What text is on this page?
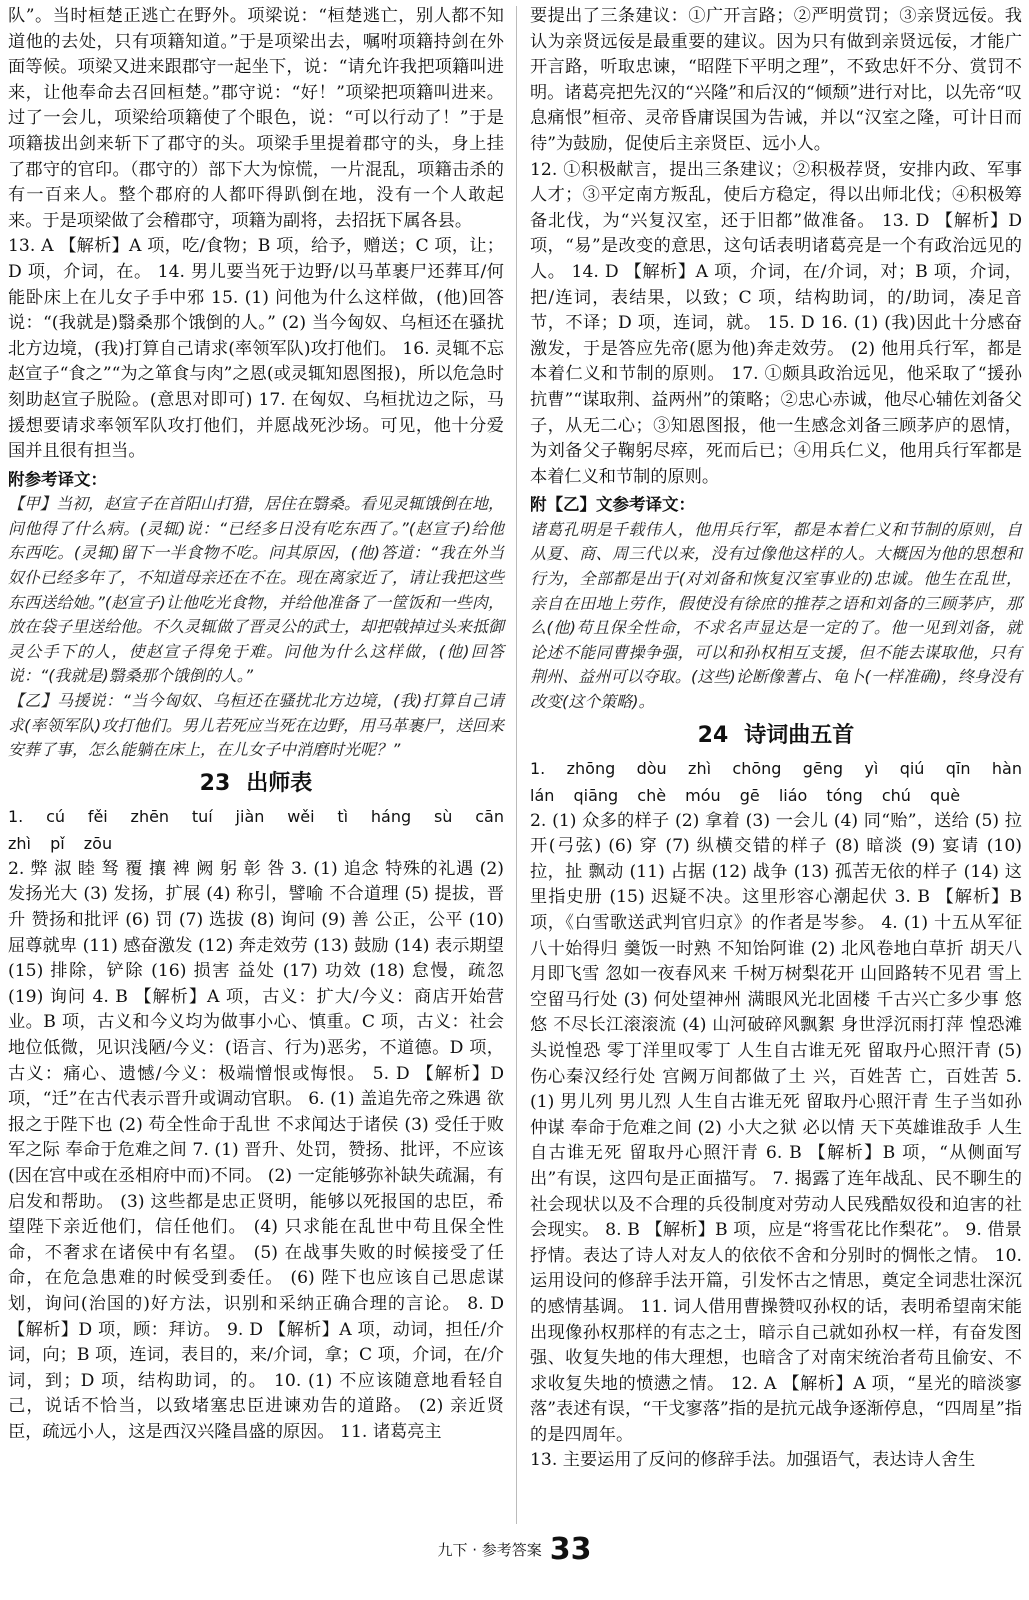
队”。当时桓楚正逃亡在野外。项梁说：“桓楚逃亡，别人都不知道他的去处，只有项籍知道。”于是项梁出去，嘱咐项籍持剑在外面等候。项梁又进来跟郡守一起坐下，说：“请允许我把项籍叫进来，让他奉命去召回桓楚。”郡守说：“好！”项梁把项籍叫进来。过了一会儿，项梁给项籍使了个眼色，说：“可以行动了！”于是项籍拔出剑来斩下了郡守的头。项梁手里提着郡守的头，身上挂了郡守的官印。（郡守的）部下大为惊慌，一片混乱，项籍击杀的有一百来人。整个郡府的人都吓得趴倒在地，没有一个人敢起来。于是项梁做了会稽郡守，项籍为副将，去招抚下属各县。

13. A 【解析】A 项，吃/食物；B 项，给予，赠送；C 项，让；D 项，介词，在。 14. 男儿要当死于边野/以马革裹尸还葬耳/何能卧床上在儿女子手中邪 15. (1) 问他为什么这样做，(他)回答说：“(我就是)翳桑那个饿倒的人。” (2) 当今匈奴、乌桓还在骚扰北方边境，(我)打算自己请求(率领军队)攻打他们。 16. 灵辄不忘赵宣子“食之”“为之箪食与肉”之恩(或灵辄知恩图报)，所以危急时刻助赵宣子脱险。(意思对即可) 17. 在匈奴、乌桓扰边之际，马援想要请求率领军队攻打他们，并愿战死沙场。可见，他十分爱国并且很有担当。

附参考译文：

【甲】当初，赵宣子在首阳山打猎，居住在翳桑。看见灵辄饿倒在地，问他得了什么病。(灵辄)说：“已经多日没有吃东西了。”(赵宣子)给他东西吃。(灵辄)留下一半食物不吃。问其原因，(他)答道：“我在外当奴仆已经多年了，不知道母亲还在不在。现在离家近了，请让我把这些东西送给她。”(赵宣子)让他吃光食物，并给他准备了一筐饭和一些肉，放在袋子里送给他。不久灵辄做了晋灵公的武士，却把戟掉过头来抵御灵公手下的人，使赵宣子得免于难。问他为什么这样做，(他)回答说：“(我就是)翳桑那个饿倒的人。”

【乙】马援说：“当今匈奴、乌桓还在骚扰北方边境，(我)打算自己请求(率领军队)攻打他们。男儿若死应当死在边野，用马革裹尸，送回来安葬了事，怎么能躺在床上，在儿女子中消磨时光呢？”

23 出师表

1. cú fěi zhēn tuí jiàn wěi tì háng sù cān zhì pǐ zōu

2. 弊 淑 睦 驽 覆 攘 裨 阙 躬 彰 咎 3. (1) 追念 特殊的礼遇 (2) 发扬光大 (3) 发扬，扩展 (4) 称引，譬喻 不合道理 (5) 提拔，晋升 赞扬和批评 (6) 罚 (7) 选拔 (8) 询问 (9) 善 公正，公平 (10) 屈尊就卑 (11) 感奋激发 (12) 奔走效劳 (13) 鼓励 (14) 表示期望 (15) 排除，铲除 (16) 损害 益处 (17) 功效 (18) 怠慢，疏忽 (19) 询问 4. B 【解析】A 项，古义：扩大/今义：商店开始营业。B 项，古义和今义均为做事小心、慎重。C 项，古义：社会地位低微，见识浅陋/今义：(语言、行为)恶劣，不道德。D 项，古义：痛心、遗憾/今义：极端憎恨或悔恨。 5. D 【解析】D 项，“迁”在古代表示晋升或调动官职。 6. (1) 盖追先帝之殊遇 欲报之于陛下也 (2) 苟全性命于乱世 不求闻达于诸侯 (3) 受任于败军之际 奉命于危难之间 7. (1) 晋升、处罚，赞扬、批评，不应该(因在宫中或在丞相府中而)不同。 (2) 一定能够弥补缺失疏漏，有启发和帮助。 (3) 这些都是忠正贤明，能够以死报国的忠臣，希望陛下亲近他们，信任他们。 (4) 只求能在乱世中苟且保全性命，不奢求在诸侯中有名望。 (5) 在战事失败的时候接受了任命，在危急患难的时候受到委任。 (6) 陛下也应该自己思虑谋划，询问(治国的)好方法，识别和采纳正确合理的言论。 8. D 【解析】D 项，顾：拜访。 9. D 【解析】A 项，动词，担任/介词，向；B 项，连词，表目的，来/介词，拿；C 项，介词，在/介词，到；D 项，结构助词，的。 10. (1) 不应该随意地看轻自己，说话不恰当，以致堵塞忠臣进谏劝告的道路。 (2) 亲近贤臣，疏远小人，这是西汉兴隆昌盛的原因。 11. 诸葛亮主

要提出了三条建议：①广开言路；②严明赏罚；③亲贤远佞。我认为亲贤远佞是最重要的建议。因为只有做到亲贤远佞，才能广开言路，听取忠谏，“昭陛下平明之理”，不致忠奸不分、赏罚不明。诸葛亮把先汉的“兴隆”和后汉的“倾颓”进行对比，以先帝“叹息痛恨”桓帝、灵帝昏庸误国为告诫，并以“汉室之隆，可计日而待”为鼓励，促使后主亲贤臣、远小人。

12. ①积极献言，提出三条建议；②积极荐贤，安排内政、军事人才；③平定南方叛乱，使后方稳定，得以出师北伐；④积极筹备北伐，为“兴复汉室，还于旧都”做准备。 13. D 【解析】D 项，“易”是改变的意思，这句话表明诸葛亮是一个有政治远见的人。 14. D 【解析】A 项，介词，在/介词，对；B 项，介词，把/连词，表结果，以致；C 项，结构助词，的/助词，凑足音节，不译；D 项，连词，就。 15. D 16. (1) (我)因此十分感奋激发，于是答应先帝(愿为他)奔走效劳。 (2) 他用兵行军，都是本着仁义和节制的原则。 17. ①颇具政治远见，他采取了“援孙抗曹”“谋取荆、益两州”的策略；②忠心赤诚，他尽心辅佐刘备父子，从无二心；③知恩图报，他一生感念刘备三顾茅庐的恩情，为刘备父子鞠躬尽瘁，死而后已；④用兵仁义，他用兵行军都是本着仁义和节制的原则。

附【乙】文参考译文：

诸葛孔明是千载伟人，他用兵行军，都是本着仁义和节制的原则，自从夏、商、周三代以来，没有过像他这样的人。大概因为他的思想和行为，全部都是出于(对刘备和恢复汉室事业的)忠诚。他生在乱世，亲自在田地上劳作，假使没有徐庶的推荐之语和刘备的三顾茅庐，那么(他)苟且保全性命，不求名声显达是一定的了。他一见到刘备，就论述不能同曹操争强，可以和孙权相互支援，但不能去谋取他，只有荆州、益州可以夺取。(这些)论断像蓍占、龟卜(一样准确)，终身没有改变(这个策略)。

24 诗词曲五首

1. zhōng dòu zhì chōng gēng yì qiú qīn hàn lán qiāng chè móu gē liáo tóng chú què

2. (1) 众多的样子 (2) 拿着 (3) 一会儿 (4) 同“贻”，送给 (5) 拉开(弓弦) (6) 穿 (7) 纵横交错的样子 (8) 暗淡 (9) 宴请 (10) 拉，扯 飘动 (11) 占据 (12) 战争 (13) 孤苦无依的样子 (14) 这里指史册 (15) 迟疑不决。这里形容心潮起伏 3. B 【解析】B 项，《白雪歌送武判官归京》的作者是岑参。 4. (1) 十五从军征 八十始得归 羹饭一时熟 不知饴阿谁 (2) 北风卷地白草折 胡天八月即飞雪 忽如一夜春风来 千树万树梨花开 山回路转不见君 雪上空留马行处 (3) 何处望神州 满眼风光北固楼 千古兴亡多少事 悠悠 不尽长江滚滚流 (4) 山河破碎风飘絮 身世浮沉雨打萍 惶恐滩头说惶恐 零丁洋里叹零丁 人生自古谁无死 留取丹心照汗青 (5) 伤心秦汉经行处 宫阙万间都做了土 兴，百姓苦 亡，百姓苦 5. (1) 男儿列 男儿烈 人生自古谁无死 留取丹心照汗青 生子当如孙仲谋 奉命于危难之间 (2) 小大之狱 必以情 天下英雄谁敌手 人生自古谁无死 留取丹心照汗青 6. B 【解析】B 项，“从侧面写出”有误，这四句是正面描写。 7. 揭露了连年战乱、民不聊生的社会现状以及不合理的兵役制度对劳动人民残酷奴役和迫害的社会现实。 8. B 【解析】B 项，应是“将雪花比作梨花”。 9. 借景抒情。表达了诗人对友人的依依不舍和分别时的惆怅之情。 10. 运用设问的修辞手法开篇，引发怀古之情思，奠定全词悲壮深沉的感情基调。 11. 词人借用曹操赞叹孙权的话，表明希望南宋能出现像孙权那样的有志之士，暗示自己就如孙权一样，有奋发图强、收复失地的伟大理想，也暗含了对南宋统治者苟且偷安、不求收复失地的愤懑之情。 12. A 【解析】A 项，“星光的暗淡寥落”表述有误，“干戈寥落”指的是抗元战争逐渐停息，“四周星”指的是四周年。

13. 主要运用了反问的修辞手法。加强语气，表达诗人舍生

九下 · 参考答案 33
